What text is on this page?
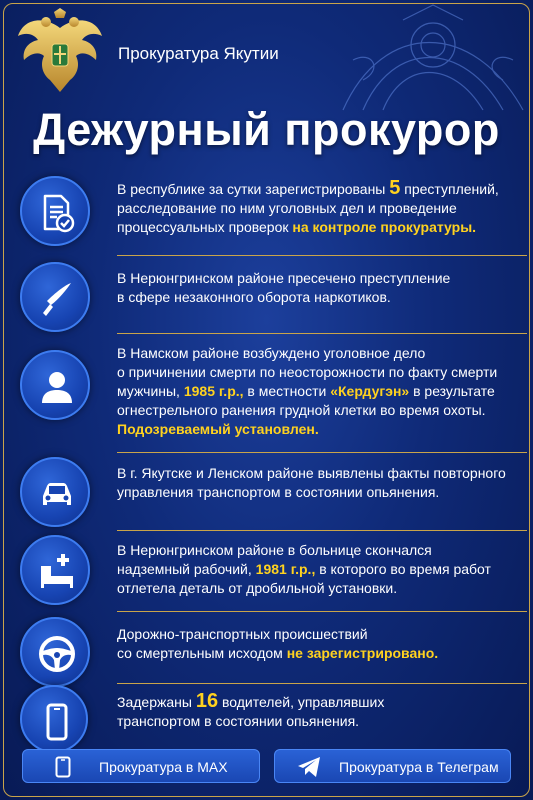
Прокуратура Якутии
Дежурный прокурор
В республике за сутки зарегистрированы 5 преступлений,
расследование по ним уголовных дел и проведение
процессуальных проверок на контроле прокуратуры.
В Нерюнгринском районе пресечено преступление
в сфере незаконного оборота наркотиков.
В Намском районе возбуждено уголовное дело
о причинении смерти по неосторожности по факту смерти
мужчины, 1985 г.р., в местности «Кердугэн» в результате
огнестрельного ранения грудной клетки во время охоты.
Подозреваемый установлен.
В г. Якутске и Ленском районе выявлены факты повторного
управления транспортом в состоянии опьянения.
В Нерюнгринском районе в больнице скончался
надземный рабочий, 1981 г.р., в которого во время работ
отлетела деталь от дробильной установки.
Дорожно-транспортных происшествий
со смертельным исходом не зарегистрировано.
Задержаны 16 водителей, управлявших
транспортом в состоянии опьянения.
Прокуратура в MAX	Прокуратура в Телеграм
